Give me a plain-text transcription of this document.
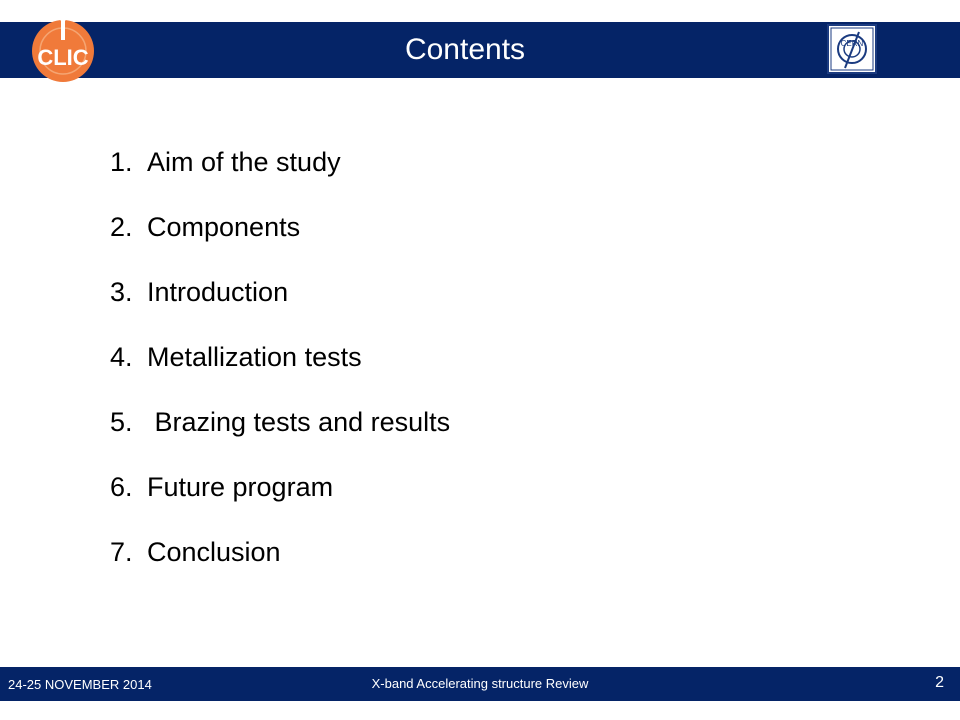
CLIC	Contents	CERN
1. Aim of the study
2. Components
3. Introduction
4. Metallization tests
5. Brazing tests and results
6. Future program
7. Conclusion
24-25 NOVEMBER 2014	X-band Accelerating structure Review	2
